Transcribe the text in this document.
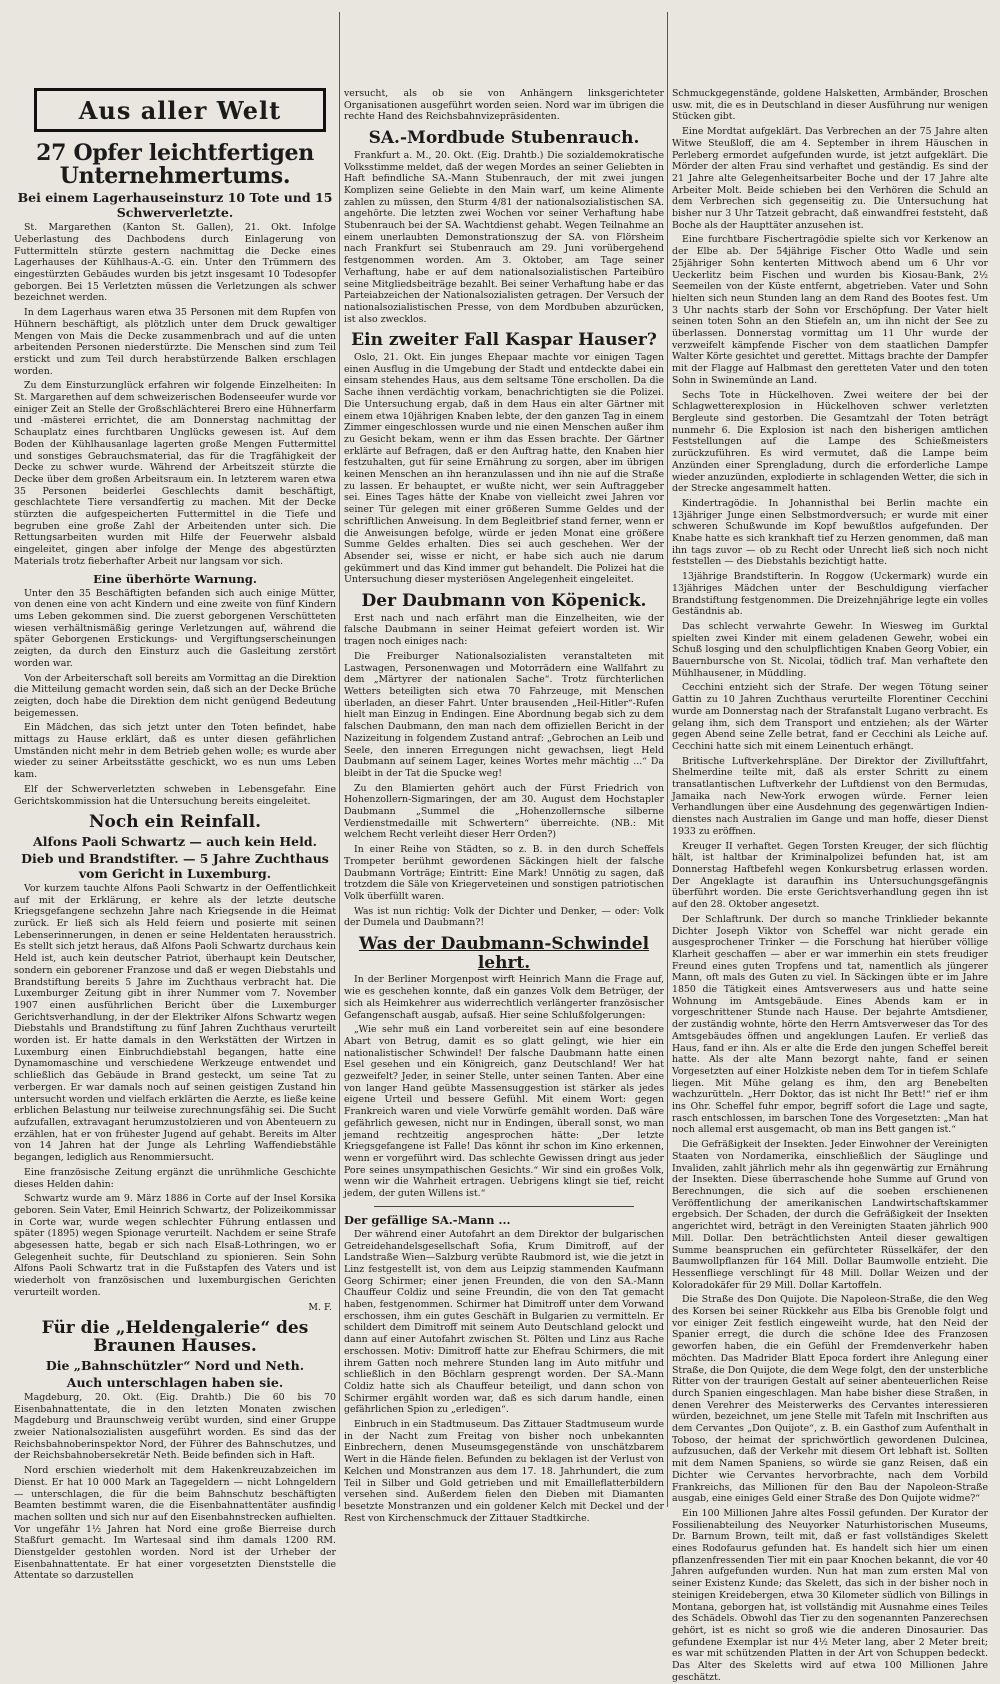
Aus aller Welt
27 Opfer leichtfertigen Unternehmertums.
Bei einem Lagerhauseinsturz 10 Tote und 15 Schwerverletzte.

St. Margarethen (Kanton St. Gallen), 21. Okt. Infolge Ueberlastung des Dachbodens durch Einlagerung von Futtermitteln stürzte gestern nachmittag die Decke eines Lagerhauses der Kühlhaus-A.-G. ein. Unter den Trümmern des eingestürzten Gebäudes wurden bis jetzt insgesamt 10 Todesopfer geborgen. Bei 15 Verletzten müssen die Verletzungen als schwer bezeichnet werden.

In dem Lagerhaus waren etwa 35 Personen mit dem Rupfen von Hühnern beschäftigt, als plötzlich unter dem Druck gewaltiger Mengen von Mais die Decke zusammenbrach und auf die unten arbeitenden Personen niederstürzte. Die Menschen sind zum Teil erstickt und zum Teil durch herabstürzende Balken erschlagen worden.

Zu dem Einsturzunglück erfahren wir folgende Einzelheiten: In St. Margarethen auf dem schweizerischen Bodenseeufer wurde vor einiger Zeit an Stelle der Großschlächterei Brero eine Hühnerfarm und -mästerei errichtet, die am Donnerstag nachmittag der Schauplatz eines furchtbaren Unglücks gewesen ist. Auf dem Boden der Kühlhausanlage lagerten große Mengen Futtermittel und sonstiges Gebrauchsmaterial, das für die Tragfähigkeit der Decke zu schwer wurde. Während der Arbeitszeit stürzte die Decke über dem großen Arbeitsraum ein. In letzterem waren etwa 35 Personen beiderlei Geschlechts damit beschäftigt, geschlachtete Tiere versandfertig zu machen. Mit der Decke stürzten die aufgespeicherten Futtermittel in die Tiefe und begruben eine große Zahl der Arbeitenden unter sich. Die Rettungsarbeiten wurden mit Hilfe der Feuerwehr alsbald eingeleitet, gingen aber infolge der Menge des abgestürzten Materials trotz fieberhafter Arbeit nur langsam vor sich.

Eine überhörte Warnung.

Unter den 35 Beschäftigten befanden sich auch einige Mütter, von denen eine von acht Kindern und eine zweite von fünf Kindern ums Leben gekommen sind. Die zuerst geborgenen Verschütteten wiesen verhältnismäßig geringe Verletzungen auf, während die später Geborgenen Erstickungs- und Vergiftungserscheinungen zeigten, da durch den Einsturz auch die Gasleitung zerstört worden war.

Von der Arbeiterschaft soll bereits am Vormittag an die Direktion die Mitteilung gemacht worden sein, daß sich an der Decke Brüche zeigten, doch habe die Direktion dem nicht genügend Bedeutung beigemessen.

Ein Mädchen, das sich jetzt unter den Toten befindet, habe mittags zu Hause erklärt, daß es unter diesen gefährlichen Umständen nicht mehr in dem Betrieb gehen wolle; es wurde aber wieder zu seiner Arbeitsstätte geschickt, wo es nun ums Leben kam.

Elf der Schwerverletzten schweben in Lebensgefahr. Eine Gerichtskommission hat die Untersuchung bereits eingeleitet.

Noch ein Reinfall.
Alfons Paoli Schwartz — auch kein Held.
Dieb und Brandstifter. — 5 Jahre Zuchthaus vom Gericht in Luxemburg.

Vor kurzem tauchte Alfons Paoli Schwartz in der Oeffentlichkeit auf mit der Erklärung, er kehre als der letzte deutsche Kriegsgefangene sechzehn Jahre nach Kriegsende in die Heimat zurück. Er ließ sich als Held feiern und posierte mit seinen Lebenserinnerungen, in denen er seine Heldentaten herausstrich. Es stellt sich jetzt heraus, daß Alfons Paoli Schwartz durchaus kein Held ist, auch kein deutscher Patriot, überhaupt kein Deutscher, sondern ein geborener Franzose und daß er wegen Diebstahls und Brandstiftung bereits 5 Jahre im Zuchthaus verbracht hat. Die Luxemburger Zeitung gibt in ihrer Nummer vom 7. November 1907 einen ausführlichen Bericht über die Luxemburger Gerichtsverhandlung, in der der Elektriker Alfons Schwartz wegen Diebstahls und Brandstiftung zu fünf Jahren Zuchthaus verurteilt worden ist. Er hatte damals in den Werkstätten der Wirtzen in Luxemburg einen Einbruchdiebstahl begangen, hatte eine Dynamomaschine und verschiedene Werkzeuge entwendet und schließlich das Gebäude in Brand gesteckt, um seine Tat zu verbergen. Er war damals noch auf seinen geistigen Zustand hin untersucht worden und vielfach erklärten die Aerzte, es ließe keine erblichen Belastung nur teilweise zurechnungsfähig sei. Die Sucht aufzufallen, extravagant herumzustolzieren und von Abenteuern zu erzählen, hat er von frühester Jugend auf gehabt. Bereits im Alter von 14 Jahren hat der Junge als Lehrling Waffendiebstähle begangen, lediglich aus Renommiersucht.

Eine französische Zeitung ergänzt die unrühmliche Geschichte dieses Helden dahin:

Schwartz wurde am 9. März 1886 in Corte auf der Insel Korsika geboren. Sein Vater, Emil Heinrich Schwartz, der Polizeikommissar in Corte war, wurde wegen schlechter Führung entlassen und später (1895) wegen Spionage verurteilt. Nachdem er seine Strafe abgesessen hatte, begab er sich nach Elsaß-Lothringen, wo er Gelegenheit suchte, für Deutschland zu spionieren. Sein Sohn Alfons Paoli Schwartz trat in die Fußstapfen des Vaters und ist wiederholt von französischen und luxemburgischen Gerichten verurteilt worden.

M. F.
Für die „Heldengalerie“ des Braunen Hauses.
Die „Bahnschützler“ Nord und Neth.
Auch unterschlagen haben sie.

Magdeburg, 20. Okt. (Eig. Drahtb.) Die 60 bis 70 Eisenbahnattentate, die in den letzten Monaten zwischen Magdeburg und Braunschweig verübt wurden, sind einer Gruppe zweier Nationalsozialisten ausgeführt worden. Es sind das der Reichsbahnoberinspektor Nord, der Führer des Bahnschutzes, und der Reichsbahnobersekretär Neth. Beide befinden sich in Haft.

Nord erschien wiederholt mit dem Hakenkreuzabzeichen im Dienst. Er hat 10 000 Mark an Tagegeldern — nicht Lohngeldern — unterschlagen, die für die beim Bahnschutz beschäftigten Beamten bestimmt waren, die die Eisenbahnattentäter ausfindig machen sollten und sich nur auf den Eisenbahnstrecken aufhielten. Vor ungefähr 1½ Jahren hat Nord eine große Bierreise durch Staßfurt gemacht. Im Wartesaal sind ihm damals 1200 RM. Dienstgelder gestohlen worden. Nord ist der Urheber der Eisenbahnattentate. Er hat einer vorgesetzten Dienststelle die Attentate so darzustellen

versucht, als ob sie von Anhängern linksgerichteter Organisationen ausgeführt worden seien. Nord war im übrigen die rechte Hand des Reichsbahnvizepräsidenten.

SA.-Mordbude Stubenrauch.

Frankfurt a. M., 20. Okt. (Eig. Drahtb.) Die sozialdemokratische Volksstimme meldet, daß der wegen Mordes an seiner Geliebten in Haft befindliche SA.-Mann Stubenrauch, der mit zwei jungen Komplizen seine Geliebte in den Main warf, um keine Alimente zahlen zu müssen, den Sturm 4/81 der nationalsozialistischen SA. angehörte. Die letzten zwei Wochen vor seiner Verhaftung habe Stubenrauch bei der SA. Wachtdienst gehabt. Wegen Teilnahme an einem unerlaubten Demonstrationszug der SA. von Flörsheim nach Frankfurt sei Stubenrauch am 29. Juni vorübergehend festgenommen worden. Am 3. Oktober, am Tage seiner Verhaftung, habe er auf dem nationalsozialistischen Parteibüro seine Mitgliedsbeiträge bezahlt. Bei seiner Verhaftung habe er das Parteiabzeichen der Nationalsozialisten getragen. Der Versuch der nationalsozialistischen Presse, von dem Mordbuben abzurücken, ist also zwecklos.

Ein zweiter Fall Kaspar Hauser?

Oslo, 21. Okt. Ein junges Ehepaar machte vor einigen Tagen einen Ausflug in die Umgebung der Stadt und entdeckte dabei ein einsam stehendes Haus, aus dem seltsame Töne erschollen. Da die Sache ihnen verdächtig vorkam, benachrichtigten sie die Polizei. Die Untersuchung ergab, daß in dem Haus ein alter Gärtner mit einem etwa 10jährigen Knaben lebte, der den ganzen Tag in einem Zimmer eingeschlossen wurde und nie einen Menschen außer ihm zu Gesicht bekam, wenn er ihm das Essen brachte. Der Gärtner erklärte auf Befragen, daß er den Auftrag hatte, den Knaben hier festzuhalten, gut für seine Ernährung zu sorgen, aber im übrigen keinen Menschen an ihn heranzulassen und ihn nie auf die Straße zu lassen. Er behauptet, er wußte nicht, wer sein Auftraggeber sei. Eines Tages hätte der Knabe von vielleicht zwei Jahren vor seiner Tür gelegen mit einer größeren Summe Geldes und der schriftlichen Anweisung. In dem Begleitbrief stand ferner, wenn er die Anweisungen befolge, würde er jeden Monat eine größere Summe Geldes erhalten. Dies sei auch geschehen. Wer der Absender sei, wisse er nicht, er habe sich auch nie darum gekümmert und das Kind immer gut behandelt. Die Polizei hat die Untersuchung dieser mysteriösen Angelegenheit eingeleitet.

Der Daubmann von Köpenick.

Erst nach und nach erfährt man die Einzelheiten, wie der falsche Daubmann in seiner Heimat gefeiert worden ist. Wir tragen noch einiges nach:

Die Freiburger Nationalsozialisten veranstalteten mit Lastwagen, Personenwagen und Motorrädern eine Wallfahrt zu dem „Märtyrer der nationalen Sache“. Trotz fürchterlichen Wetters beteiligten sich etwa 70 Fahrzeuge, mit Menschen überladen, an dieser Fahrt. Unter brausenden „Heil-Hitler“-Rufen hielt man Einzug in Endingen. Eine Abordnung begab sich zu dem falschen Daubmann, den man nach dem offiziellen Bericht in der Nazizeitung in folgendem Zustand antraf: „Gebrochen an Leib und Seele, den inneren Erregungen nicht gewachsen, liegt Held Daubmann auf seinem Lager, keines Wortes mehr mächtig ...“ Da bleibt in der Tat die Spucke weg!

Zu den Blamierten gehört auch der Fürst Friedrich von Hohenzollern-Sigmaringen, der am 30. August dem Hochstapler Daubmann „Summel die „Hohenzollernsche silberne Verdienstmedaille mit Schwertern“ überreichte. (NB.: Mit welchem Recht verleiht dieser Herr Orden?)

In einer Reihe von Städten, so z. B. in den durch Scheffels Trompeter berühmt gewordenen Säckingen hielt der falsche Daubmann Vorträge; Eintritt: Eine Mark! Unnötig zu sagen, daß trotzdem die Säle von Kriegerveteinen und sonstigen patriotischen Volk überfüllt waren.

Was ist nun richtig: Volk der Dichter und Denker, — oder: Volk der Dumela und Daubmann?!

Was der Daubmann-Schwindel lehrt.

In der Berliner Morgenpost wirft Heinrich Mann die Frage auf, wie es geschehen konnte, daß ein ganzes Volk dem Betrüger, der sich als Heimkehrer aus widerrechtlich verlängerter französischer Gefangenschaft ausgab, aufsaß. Hier seine Schlußfolgerungen:

„Wie sehr muß ein Land vorbereitet sein auf eine besondere Abart von Betrug, damit es so glatt gelingt, wie hier ein nationalistischer Schwindel! Der falsche Daubmann hatte einen Esel gesehen und ein Königreich, ganz Deutschland! Wer hat gezweifelt? Jeder, in seiner Stelle, unter seinen Tanten. Aber eine von langer Hand geübte Massensuggestion ist stärker als jedes eigene Urteil und bessere Gefühl. Mit einem Wort: gegen Frankreich waren und viele Vorwürfe gemählt worden. Daß wäre gefährlich gewesen, nicht nur in Endingen, überall sonst, wo man jemand rechtzeitig angesprochen hätte: „Der letzte Kriegsgefangene ist Falle! Das könnt ihr schon im Kino erkennen, wenn er vorgeführt wird. Das schlechte Gewissen dringt aus jeder Pore seines unsympathischen Gesichts.“ Wir sind ein großes Volk, wenn wir die Wahrheit ertragen. Uebrigens klingt sie tief, reicht jedem, der guten Willens ist.“

Der gefällige SA.-Mann ...

Der während einer Autofahrt an dem Direktor der bulgarischen Getreidehandelsgesellschaft Sofia, Krum Dimitroff, auf der Landstraße Wien—Salzburg verübte Raubmord ist, wie die jetzt in Linz festgestellt ist, von dem aus Leipzig stammenden Kaufmann Georg Schirmer; einer jenen Freunden, die von den SA.-Mann Chauffeur Coldiz und seine Freundin, die von den Tat gemacht haben, festgenommen. Schirmer hat Dimitroff unter dem Vorwand erschossen, ihm ein gutes Geschäft in Bulgarien zu vermitteln. Er schildert dem Dimitroff mit seinem Auto Deutschland gelockt und dann auf einer Autofahrt zwischen St. Pölten und Linz aus Rache erschossen. Motiv: Dimitroff hatte zur Ehefrau Schirmers, die mit ihrem Gatten noch mehrere Stunden lang im Auto mitfuhr und schließlich in den Böchlarn gesprengt worden. Der SA.-Mann Coldiz hatte sich als Chauffeur beteiligt, und dann schon von Schirmer ergählt worden war, daß es sich darum handle, einen gefährlichen Spion zu „erledigen“.

Einbruch in ein Stadtmuseum. Das Zittauer Stadtmuseum wurde in der Nacht zum Freitag von bisher noch unbekannten Einbrechern, denen Museumsgegenstände von unschätzbarem Wert in die Hände fielen. Befunden zu beklagen ist der Verlust von Kelchen und Monstranzen aus dem 17. 18. Jahrhundert, die zum Teil in Silber und Gold getrieben und mit Emailleflatterbildern versehen sind. Außerdem fielen den Dieben mit Diamanten besetzte Monstranzen und ein goldener Kelch mit Deckel und der Rest von Kirchenschmuck der Zittauer Stadtkirche.

Schmuckgegenstände, goldene Halsketten, Armbänder, Broschen usw. mit, die es in Deutschland in dieser Ausführung nur wenigen Stücken gibt.

Eine Mordtat aufgeklärt. Das Verbrechen an der 75 Jahre alten Witwe Steußloff, die am 4. September in ihrem Häuschen in Perleberg ermordet aufgefunden wurde, ist jetzt aufgeklärt. Die Mörder der alten Frau sind verhaftet und geständig. Es sind der 21 Jahre alte Gelegenheitsarbeiter Boche und der 17 Jahre alte Arbeiter Molt. Beide schieben bei den Verhören die Schuld an dem Verbrechen sich gegenseitig zu. Die Untersuchung hat bisher nur 3 Uhr Tatzeit gebracht, daß einwandfrei feststeht, daß Boche als der Haupttäter anzusehen ist.

Eine furchtbare Fischertragödie spielte sich vor Kerkenow an der Elbe ab. Der 54jährige Fischer Otto Wadle und sein 25jähriger Sohn kenterten Mittwoch abend um 6 Uhr vor Ueckerlitz beim Fischen und wurden bis Kiosau-Bank, 2½ Seemeilen von der Küste entfernt, abgetrieben. Vater und Sohn hielten sich neun Stunden lang an dem Rand des Bootes fest. Um 3 Uhr nachts starb der Sohn vor Erschöpfung. Der Vater hielt seinen toten Sohn an den Stiefeln an, um ihn nicht der See zu überlassen. Donnerstag vormittag um 11 Uhr wurde der verzweifelt kämpfende Fischer von dem staatlichen Dampfer Walter Körte gesichtet und gerettet. Mittags brachte der Dampfer mit der Flagge auf Halbmast den geretteten Vater und den toten Sohn in Swinemünde an Land.

Sechs Tote in Hückelhoven. Zwei weitere der bei der Schlagwetterexplosion in Hückelhoven schwer verletzten Bergleute sind gestorben. Die Gesamtzahl der Toten beträgt nunmehr 6. Die Explosion ist nach den bisherigen amtlichen Feststellungen auf die Lampe des Schießmeisters zurückzuführen. Es wird vermutet, daß die Lampe beim Anzünden einer Sprengladung, durch die erforderliche Lampe wieder anzuzünden, explodierte in schlagenden Wetter, die sich in der Strecke angesammelt hatten.

Kindertragödie. In Johannisthal bei Berlin machte ein 13jähriger Junge einen Selbstmordversuch; er wurde mit einer schweren Schußwunde im Kopf bewußtlos aufgefunden. Der Knabe hatte es sich krankhaft tief zu Herzen genommen, daß man ihn tags zuvor — ob zu Recht oder Unrecht ließ sich noch nicht feststellen — des Diebstahls bezichtigt hatte.

13jährige Brandstifterin. In Roggow (Uckermark) wurde ein 13jähriges Mädchen unter der Beschuldigung vierfacher Brandstiftung festgenommen. Die Dreizehnjährige legte ein volles Geständnis ab.

Das schlecht verwahrte Gewehr. In Wiesweg im Gurktal spielten zwei Kinder mit einem geladenen Gewehr, wobei ein Schuß losging und den schulpflichtigen Knaben Georg Vobier, ein Bauernbursche von St. Nicolai, tödlich traf. Man verhaftete den Mühlhausener, in Müddling.

Cecchini entzieht sich der Strafe. Der wegen Tötung seiner Gattin zu 10 Jahren Zuchthaus verurteilte Florentiner Cecchini wurde am Donnerstag nach der Strafanstalt Lugano verbracht. Es gelang ihm, sich dem Transport und entziehen; als der Wärter gegen Abend seine Zelle betrat, fand er Cecchini als Leiche auf. Cecchini hatte sich mit einem Leinentuch erhängt.

Britische Luftverkehrspläne. Der Direktor der Zivilluftfahrt, Shelmerdine teilte mit, daß als erster Schritt zu einem transatlantischen Luftverkehr der Luftdienst von den Bermudas, Jamaika nach New-York erwogen würde. Ferner leien Verhandlungen über eine Ausdehnung des gegenwärtigen Indien-dienstes nach Australien im Gange und man hoffe, dieser Dienst 1933 zu eröffnen.

Kreuger II verhaftet. Gegen Torsten Kreuger, der sich flüchtig hält, ist haltbar der Kriminalpolizei befunden hat, ist am Donnerstag Haftbefehl wegen Konkursbetrug erlassen worden. Der Angeklagte ist daraufhin ins Untersuchungsgefängnis überführt worden. Die erste Gerichtsverhandlung gegen ihn ist auf den 28. Oktober angesetzt.

Der Schlaftrunk. Der durch so manche Trinklieder bekannte Dichter Joseph Viktor von Scheffel war nicht gerade ein ausgesprochener Trinker — die Forschung hat hierüber völlige Klarheit geschaffen — aber er war immerhin ein stets freudiger Freund eines guten Tropfens und tat, namentlich als jüngerer Mann, oft mals des Guten zu viel. In Säckingen übte er im Jahre 1850 die Tätigkeit eines Amtsverwesers aus und hatte seine Wohnung im Amtsgebäude. Eines Abends kam er in vorgeschrittener Stunde nach Hause. Der bejahrte Amtsdiener, der zuständig wohnte, hörte den Herrn Amtsverweser das Tor des Amtsgebäudes öffnen und angeklungen Laufen. Er verließ das Haus, fand er ihn. Als er alte die Erde den jungen Scheffel bereit hatte. Als der alte Mann bezorgt nahte, fand er seinen Vorgesetzten auf einer Holzkiste neben dem Tor in tiefem Schlafe liegen. Mit Mühe gelang es ihm, den arg Benebelten wachzurütteln. „Herr Doktor, das ist nicht Ihr Bett!“ rief er ihm ins Ohr. Scheffel fuhr empor, begriff sofort die Lage und sagte, rasch entschlossen, im barschen Tone des Vorgesetzten: „Man hat noch allemal erst ausgemacht, ob man ins Bett gangen ist.“

Die Gefräßigkeit der Insekten. Jeder Einwohner der Vereinigten Staaten von Nordamerika, einschließlich der Säuglinge und Invaliden, zahlt jährlich mehr als ihn gegenwärtig zur Ernährung der Insekten. Diese überraschende hohe Summe auf Grund von Berechnungen, die sich auf die soeben erschienenen Veröffentlichung der amerikanischen Landwirtschaftskammer ergebsich. Der Schaden, der durch die Gefräßigkeit der Insekten angerichtet wird, beträgt in den Vereinigten Staaten jährlich 900 Mill. Dollar. Den beträchtlichsten Anteil dieser gewaltigen Summe beanspruchen ein gefürchteter Rüsselkäfer, der den Baumwollpflanzen für 164 Mill. Dollar Baumwolle entzieht. Die Hessenfliege verschlingt für 48 Mill. Dollar Weizen und der Koloradokäfer für 29 Mill. Dollar Kartoffeln.

Die Straße des Don Quijote. Die Napoleon-Straße, die den Weg des Korsen bei seiner Rückkehr aus Elba bis Grenoble folgt und vor einiger Zeit festlich eingeweiht wurde, hat den Neid der Spanier erregt, die durch die schöne Idee des Franzosen geworfen haben, die ein Gefühl der Fremdenverkehr haben möchten. Das Madrider Blatt Epoca fordert ihre Anlegung einer Straße, die Don Quijote, die dem Wege folgt, den der unsterbliche Ritter von der traurigen Gestalt auf seiner abenteuerlichen Reise durch Spanien eingeschlagen. Man habe bisher diese Straßen, in denen Verehrer des Meisterwerks des Cervantes interessieren würden, bezeichnet, um jene Stelle mit Tafeln mit Inschriften aus dem Cervantes „Don Quijote“, z. B. ein Gasthof zum Aufenthalt in Toboso, der heimat der sprichwörtlich gewordenen Dulcinea, aufzusuchen, daß der Verkehr mit diesem Ort lebhaft ist. Sollten mit dem Namen Spaniens, so würde sie ganz Reisen, daß ein Dichter wie Cervantes hervorbrachte, nach dem Vorbild Frankreichs, das Millionen für den Bau der Napoleon-Straße ausgab, eine einiges Geld einer Straße des Don Quijote widme?“

Ein 100 Millionen Jahre altes Fossil gefunden. Der Kurator der Fossilienabteilung des Neuyorker Naturhistorischen Museums, Dr. Barnum Brown, teilt mit, daß er fast vollständiges Skelett eines Rodofaurus gefunden hat. Es handelt sich hier um einen pflanzenfressenden Tier mit ein paar Knochen bekannt, die vor 40 Jahren aufgefunden wurden. Nun hat man zum ersten Mal von seiner Existenz Kunde; das Skelett, das sich in der bisher noch in steinigen Kreidebergen, etwa 30 Kilometer südlich von Billings in Montana, geborgen hat, ist vollständig mit Ausnahme eines Teiles des Schädels. Obwohl das Tier zu den sogenannten Panzerechsen gehört, ist es nicht so groß wie die anderen Dinosaurier. Das gefundene Exemplar ist nur 4½ Meter lang, aber 2 Meter breit; es war mit schützenden Platten in der Art von Schuppen bedeckt. Das Alter des Skeletts wird auf etwa 100 Millionen Jahre geschätzt.
